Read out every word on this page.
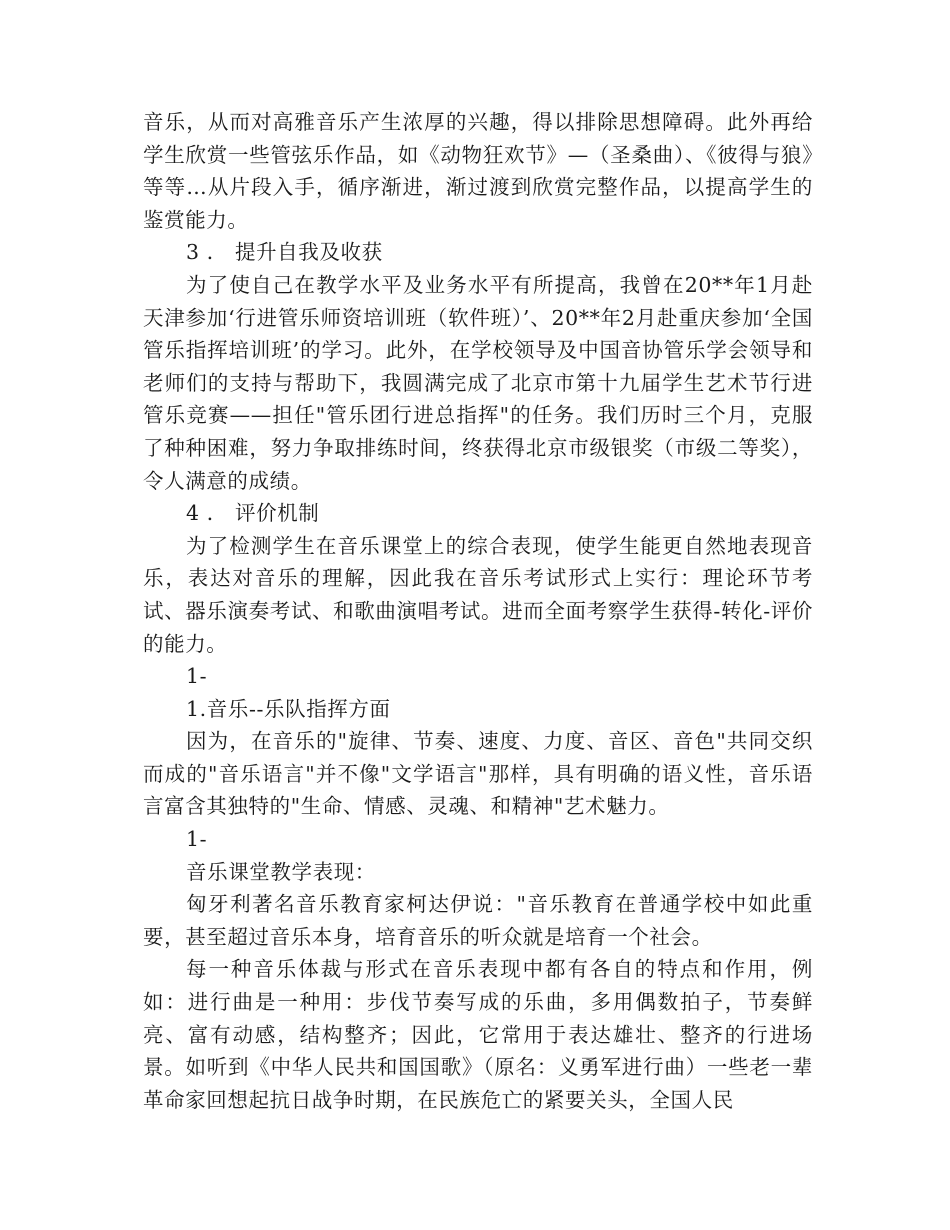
音乐，从而对高雅音乐产生浓厚的兴趣，得以排除思想障碍。此外再给学生欣赏一些管弦乐作品，如《动物狂欢节》—（圣桑曲）、《彼得与狼》等等…从片段入手，循序渐进，渐过渡到欣赏完整作品，以提高学生的鉴赏能力。

3 ． 提升自我及收获

为了使自己在教学水平及业务水平有所提高，我曾在20**年1月赴天津参加‘行进管乐师资培训班（软件班）’、20**年2月赴重庆参加‘全国管乐指挥培训班’的学习。此外，在学校领导及中国音协管乐学会领导和老师们的支持与帮助下，我圆满完成了北京市第十九届学生艺术节行进管乐竞赛——担任"管乐团行进总指挥"的任务。我们历时三个月，克服了种种困难，努力争取排练时间，终获得北京市级银奖（市级二等奖），令人满意的成绩。

4 ． 评价机制

为了检测学生在音乐课堂上的综合表现，使学生能更自然地表现音乐，表达对音乐的理解，因此我在音乐考试形式上实行：理论环节考试、器乐演奏考试、和歌曲演唱考试。进而全面考察学生获得-转化-评价的能力。

1-

1.音乐--乐队指挥方面

因为，在音乐的"旋律、节奏、速度、力度、音区、音色"共同交织而成的"音乐语言"并不像"文学语言"那样，具有明确的语义性，音乐语言富含其独特的"生命、情感、灵魂、和精神"艺术魅力。

1-

音乐课堂教学表现：

匈牙利著名音乐教育家柯达伊说："音乐教育在普通学校中如此重要，甚至超过音乐本身，培育音乐的听众就是培育一个社会。

每一种音乐体裁与形式在音乐表现中都有各自的特点和作用，例如：进行曲是一种用：步伐节奏写成的乐曲，多用偶数拍子，节奏鲜亮、富有动感，结构整齐；因此，它常用于表达雄壮、整齐的行进场景。如听到《中华人民共和国国歌》（原名：义勇军进行曲）一些老一辈革命家回想起抗日战争时期，在民族危亡的紧要关头，全国人民
